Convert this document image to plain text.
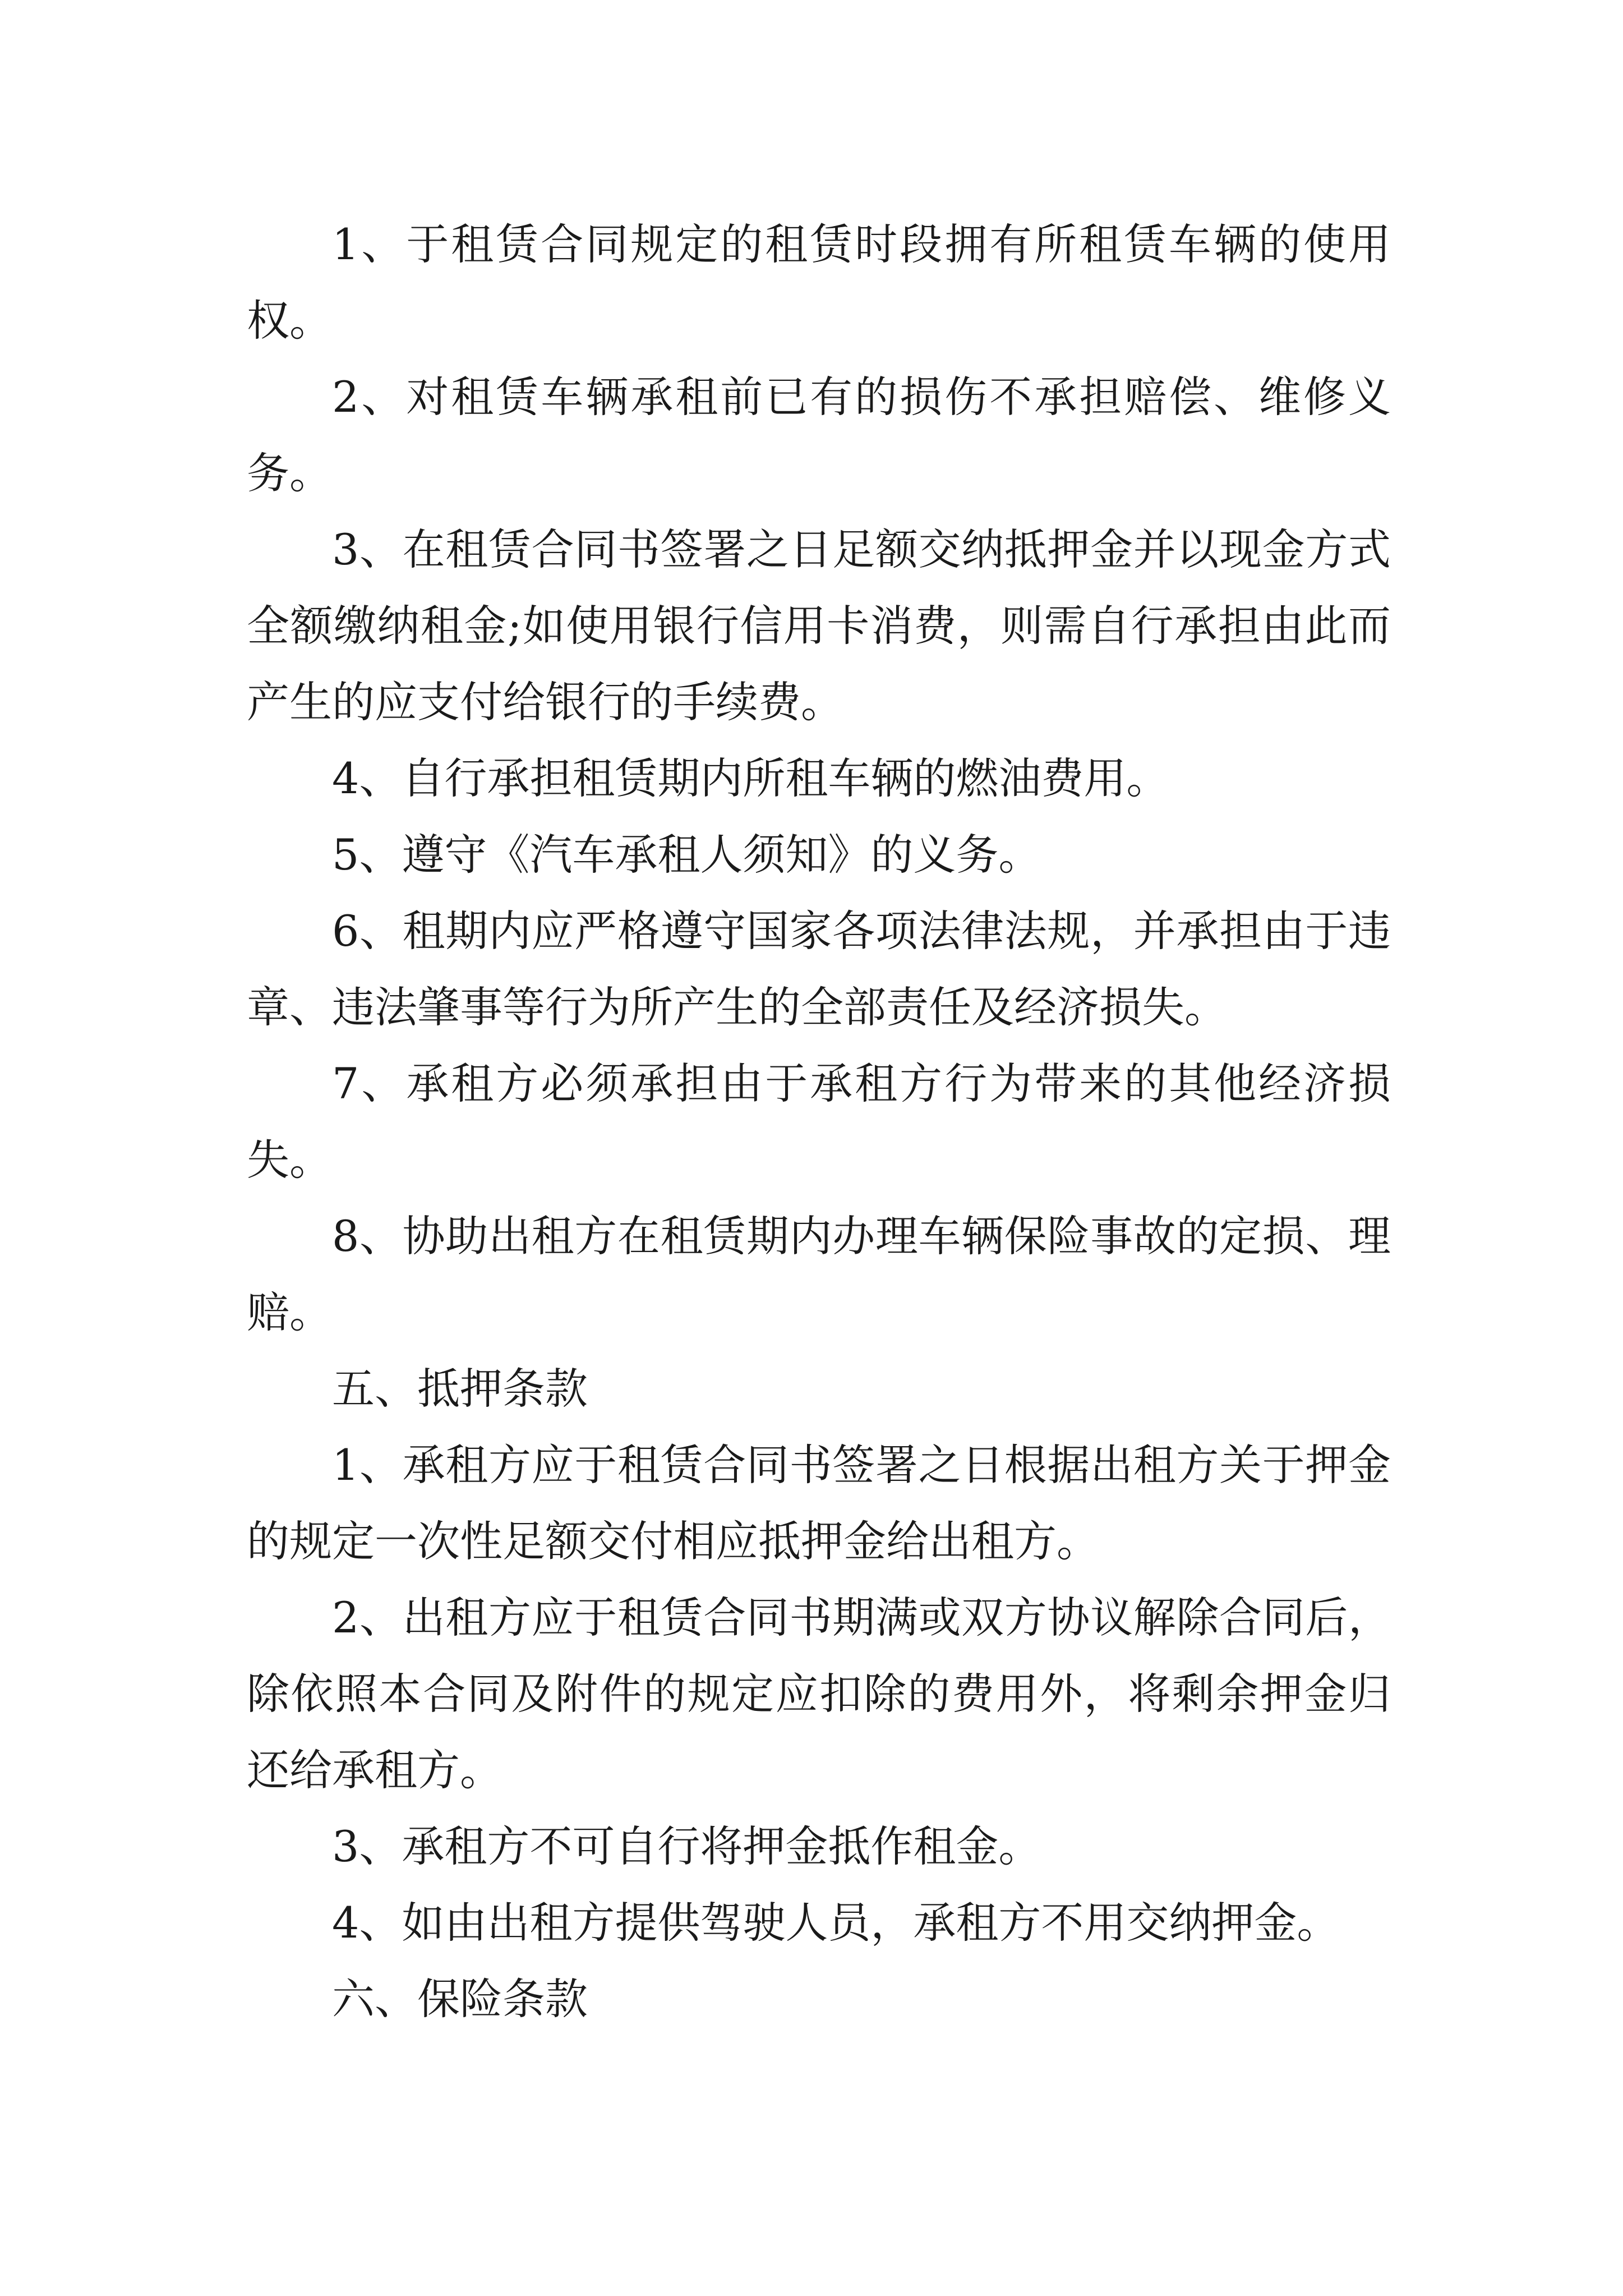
1、于租赁合同规定的租赁时段拥有所租赁车辆的使用权。

2、对租赁车辆承租前已有的损伤不承担赔偿、维修义务。

3、在租赁合同书签署之日足额交纳抵押金并以现金方式全额缴纳租金;如使用银行信用卡消费，则需自行承担由此而产生的应支付给银行的手续费。

4、自行承担租赁期内所租车辆的燃油费用。

5、遵守《汽车承租人须知》的义务。

6、租期内应严格遵守国家各项法律法规，并承担由于违章、违法肇事等行为所产生的全部责任及经济损失。

7、承租方必须承担由于承租方行为带来的其他经济损失。

8、协助出租方在租赁期内办理车辆保险事故的定损、理赔。

五、抵押条款

1、承租方应于租赁合同书签署之日根据出租方关于押金的规定一次性足额交付相应抵押金给出租方。

2、出租方应于租赁合同书期满或双方协议解除合同后，除依照本合同及附件的规定应扣除的费用外，将剩余押金归还给承租方。

3、承租方不可自行将押金抵作租金。

4、如由出租方提供驾驶人员，承租方不用交纳押金。

六、保险条款
